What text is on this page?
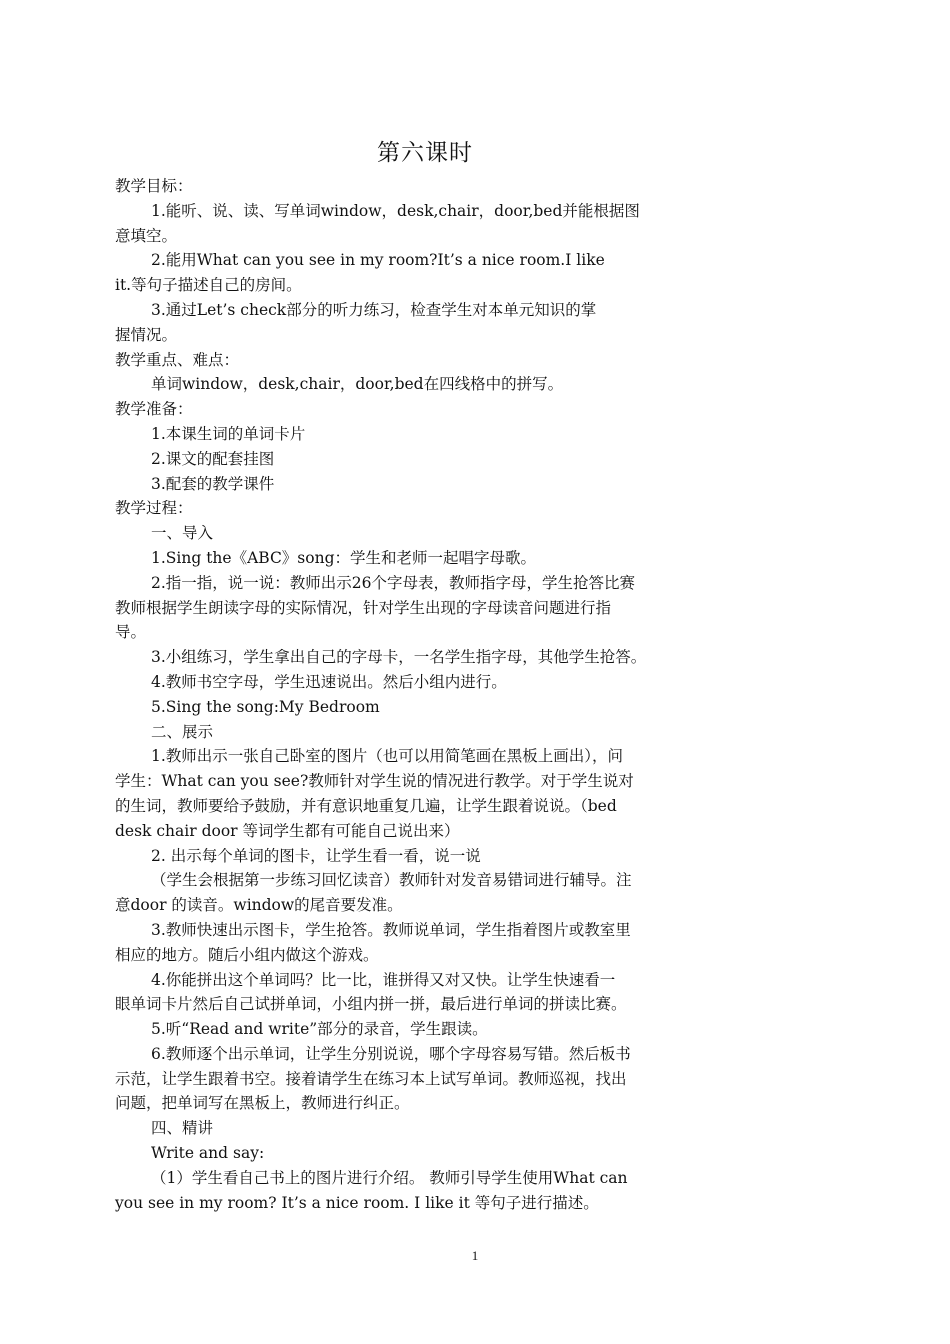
第六课时

教学目标：

1.能听、说、读、写单词window，desk,chair，door,bed并能根据图

意填空。

2.能用What can you see in my room?It’s a nice room.I like

it.等句子描述自己的房间。

3.通过Let’s check部分的听力练习，检查学生对本单元知识的掌

握情况。

教学重点、难点：

单词window，desk,chair，door,bed在四线格中的拼写。

教学准备：

1.本课生词的单词卡片

2.课文的配套挂图

3.配套的教学课件

教学过程：

一、导入

1.Sing the《ABC》song：学生和老师一起唱字母歌。

2.指一指，说一说：教师出示26个字母表，教师指字母，学生抢答比赛

教师根据学生朗读字母的实际情况，针对学生出现的字母读音问题进行指

导。

3.小组练习，学生拿出自己的字母卡，一名学生指字母，其他学生抢答。

4.教师书空字母，学生迅速说出。然后小组内进行。

5.Sing the song:My Bedroom

二、展示

1.教师出示一张自己卧室的图片（也可以用简笔画在黑板上画出），问

学生：What can you see?教师针对学生说的情况进行教学。对于学生说对

的生词，教师要给予鼓励，并有意识地重复几遍，让学生跟着说说。（bed

desk chair door 等词学生都有可能自己说出来）

2. 出示每个单词的图卡，让学生看一看，说一说

（学生会根据第一步练习回忆读音）教师针对发音易错词进行辅导。注

意door 的读音。window的尾音要发准。

3.教师快速出示图卡，学生抢答。教师说单词，学生指着图片或教室里

相应的地方。随后小组内做这个游戏。

4.你能拼出这个单词吗？比一比，谁拼得又对又快。让学生快速看一

眼单词卡片然后自己试拼单词，小组内拼一拼，最后进行单词的拼读比赛。

5.听“Read and write”部分的录音，学生跟读。

6.教师逐个出示单词，让学生分别说说，哪个字母容易写错。然后板书

示范，让学生跟着书空。接着请学生在练习本上试写单词。教师巡视，找出

问题，把单词写在黑板上，教师进行纠正。

四、精讲

Write and say:

（1）学生看自己书上的图片进行介绍。 教师引导学生使用What can

you see in my room? It’s a nice room. I like it 等句子进行描述。

1
